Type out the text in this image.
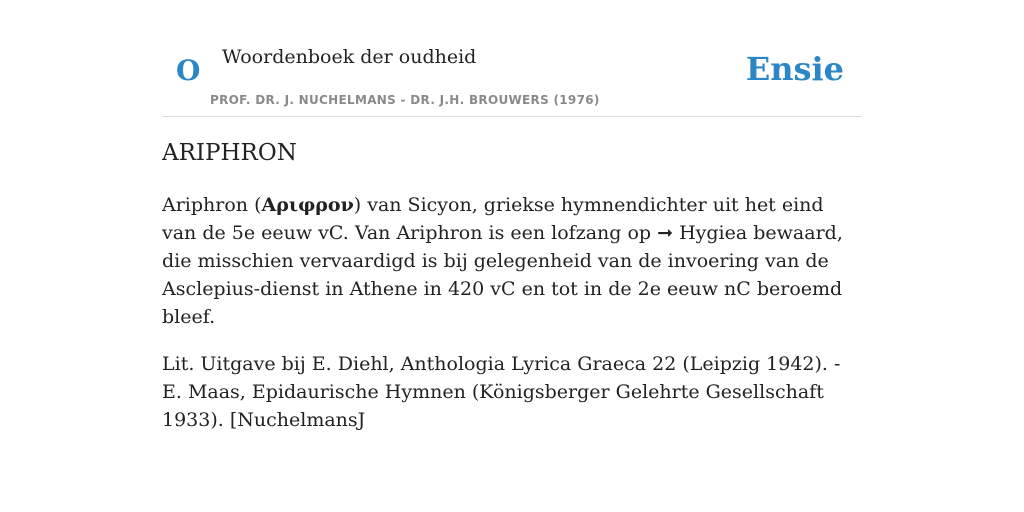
O Woordenboek der oudheid
PROF. DR. J. NUCHELMANS - DR. J.H. BROUWERS (1976)
Ensie
ARIPHRON

Ariphron (Αριφρον) van Sicyon, griekse hymnendichter uit het eind van de 5e eeuw vC. Van Ariphron is een lofzang op ➞ Hygiea bewaard, die misschien vervaardigd is bij gelegenheid van de invoering van de Asclepius-dienst in Athene in 420 vC en tot in de 2e eeuw nC beroemd bleef.

Lit. Uitgave bij E. Diehl, Anthologia Lyrica Graeca 22 (Leipzig 1942). - E. Maas, Epidaurische Hymnen (Königsberger Gelehrte Gesellschaft 1933). [NuchelmansJ
